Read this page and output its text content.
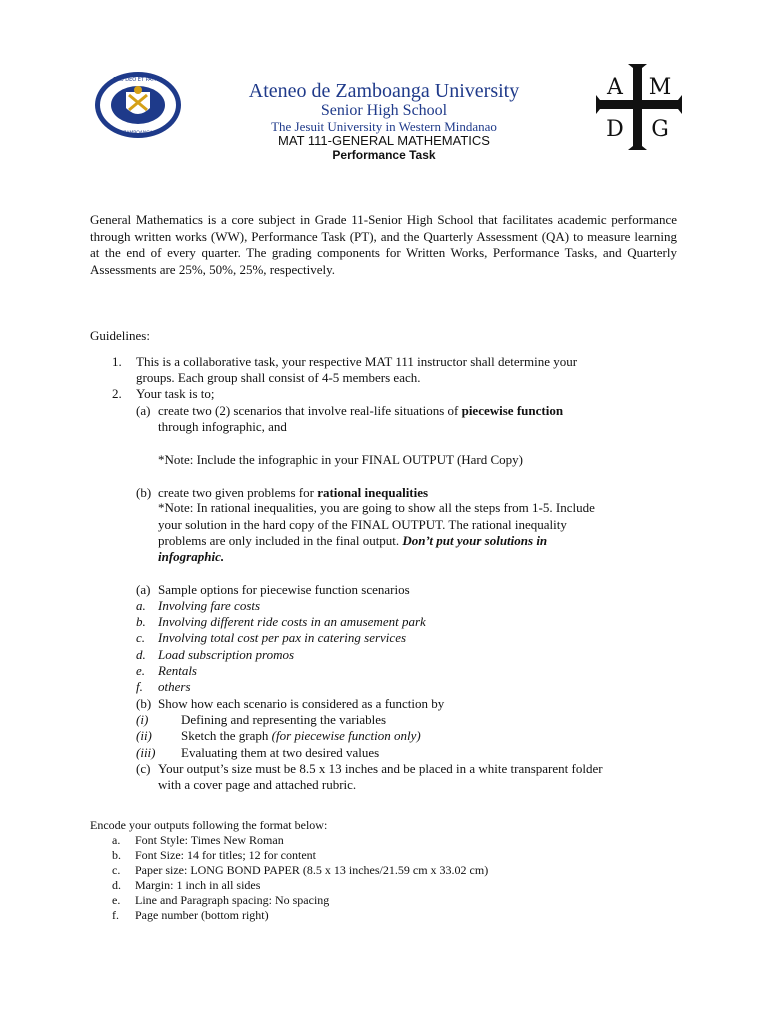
PRO DEO ET PATRIA
ZAMBOANGA
A M
D G
Ateneo de Zamboanga University
Senior High School
The Jesuit University in Western Mindanao
MAT 111-GENERAL MATHEMATICS
Performance Task

General Mathematics is a core subject in Grade 11-Senior High School that facilitates academic performance through written works (WW), Performance Task (PT), and the Quarterly Assessment (QA) to measure learning at the end of every quarter. The grading components for Written Works, Performance Tasks, and Quarterly Assessments are 25%, 50%, 25%, respectively.

Guidelines:
1. This is a collaborative task, your respective MAT 111 instructor shall determine your
groups. Each group shall consist of 4-5 members each.
2. Your task is to;
(a) create two (2) scenarios that involve real-life situations of piecewise function
through infographic, and
*Note: Include the infographic in your FINAL OUTPUT (Hard Copy)
(b) create two given problems for rational inequalities
*Note: In rational inequalities, you are going to show all the steps from 1-5. Include
your solution in the hard copy of the FINAL OUTPUT. The rational inequality
problems are only included in the final output. Don’t put your solutions in
infographic.
(a) Sample options for piecewise function scenarios
a. Involving fare costs
b. Involving different ride costs in an amusement park
c. Involving total cost per pax in catering services
d. Load subscription promos
e. Rentals
f. others
(b) Show how each scenario is considered as a function by
(i)	Defining and representing the variables
(ii) Sketch the graph (for piecewise function only)
(iii) Evaluating them at two desired values
(c) Your output’s size must be 8.5 x 13 inches and be placed in a white transparent folder
with a cover page and attached rubric.
Encode your outputs following the format below:
a. Font Style: Times New Roman
b. Font Size: 14 for titles; 12 for content
c. Paper size: LONG BOND PAPER (8.5 x 13 inches/21.59 cm x 33.02 cm)
d. Margin: 1 inch in all sides
e. Line and Paragraph spacing: No spacing
f. Page number (bottom right)
